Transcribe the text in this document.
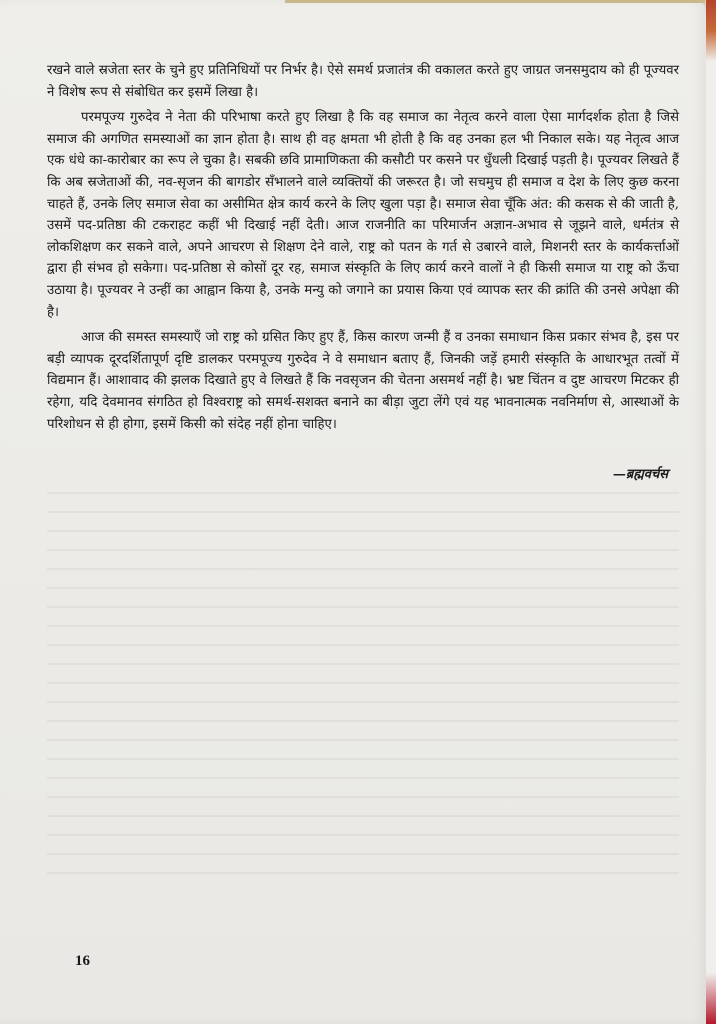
रखने वाले स्रजेता स्तर के चुने हुए प्रतिनिधियों पर निर्भर है। ऐसे समर्थ प्रजातंत्र की वकालत करते हुए जाग्रत जनसमुदाय को ही पूज्यवर ने विशेष रूप से संबोधित कर इसमें लिखा है।

परमपूज्य गुरुदेव ने नेता की परिभाषा करते हुए लिखा है कि वह समाज का नेतृत्व करने वाला ऐसा मार्गदर्शक होता है जिसे समाज की अगणित समस्याओं का ज्ञान होता है। साथ ही वह क्षमता भी होती है कि वह उनका हल भी निकाल सके। यह नेतृत्व आज एक धंधे का-कारोबार का रूप ले चुका है। सबकी छवि प्रामाणिकता की कसौटी पर कसने पर धुँधली दिखाई पड़ती है। पूज्यवर लिखते हैं कि अब स्रजेताओं की, नव-सृजन की बागडोर सँभालने वाले व्यक्तियों की जरूरत है। जो सचमुच ही समाज व देश के लिए कुछ करना चाहते हैं, उनके लिए समाज सेवा का असीमित क्षेत्र कार्य करने के लिए खुला पड़ा है। समाज सेवा चूँकि अंत: की कसक से की जाती है, उसमें पद-प्रतिष्ठा की टकराहट कहीं भी दिखाई नहीं देती। आज राजनीति का परिमार्जन अज्ञान-अभाव से जूझने वाले, धर्मतंत्र से लोकशिक्षण कर सकने वाले, अपने आचरण से शिक्षण देने वाले, राष्ट्र को पतन के गर्त से उबारने वाले, मिशनरी स्तर के कार्यकर्त्ताओं द्वारा ही संभव हो सकेगा। पद-प्रतिष्ठा से कोसों दूर रह, समाज संस्कृति के लिए कार्य करने वालों ने ही किसी समाज या राष्ट्र को ऊँचा उठाया है। पूज्यवर ने उन्हीं का आह्वान किया है, उनके मन्यु को जगाने का प्रयास किया एवं व्यापक स्तर की क्रांति की उनसे अपेक्षा की है।

आज की समस्त समस्याएँ जो राष्ट्र को ग्रसित किए हुए हैं, किस कारण जन्मी हैं व उनका समाधान किस प्रकार संभव है, इस पर बड़ी व्यापक दूरदर्शितापूर्ण दृष्टि डालकर परमपूज्य गुरुदेव ने वे समाधान बताए हैं, जिनकी जड़ें हमारी संस्कृति के आधारभूत तत्वों में विद्यमान हैं। आशावाद की झलक दिखाते हुए वे लिखते हैं कि नवसृजन की चेतना असमर्थ नहीं है। भ्रष्ट चिंतन व दुष्ट आचरण मिटकर ही रहेगा, यदि देवमानव संगठित हो विश्वराष्ट्र को समर्थ-सशक्त बनाने का बीड़ा जुटा लेंगे एवं यह भावनात्मक नवनिर्माण से, आस्थाओं के परिशोधन से ही होगा, इसमें किसी को संदेह नहीं होना चाहिए।

—ब्रह्मवर्चस
16
